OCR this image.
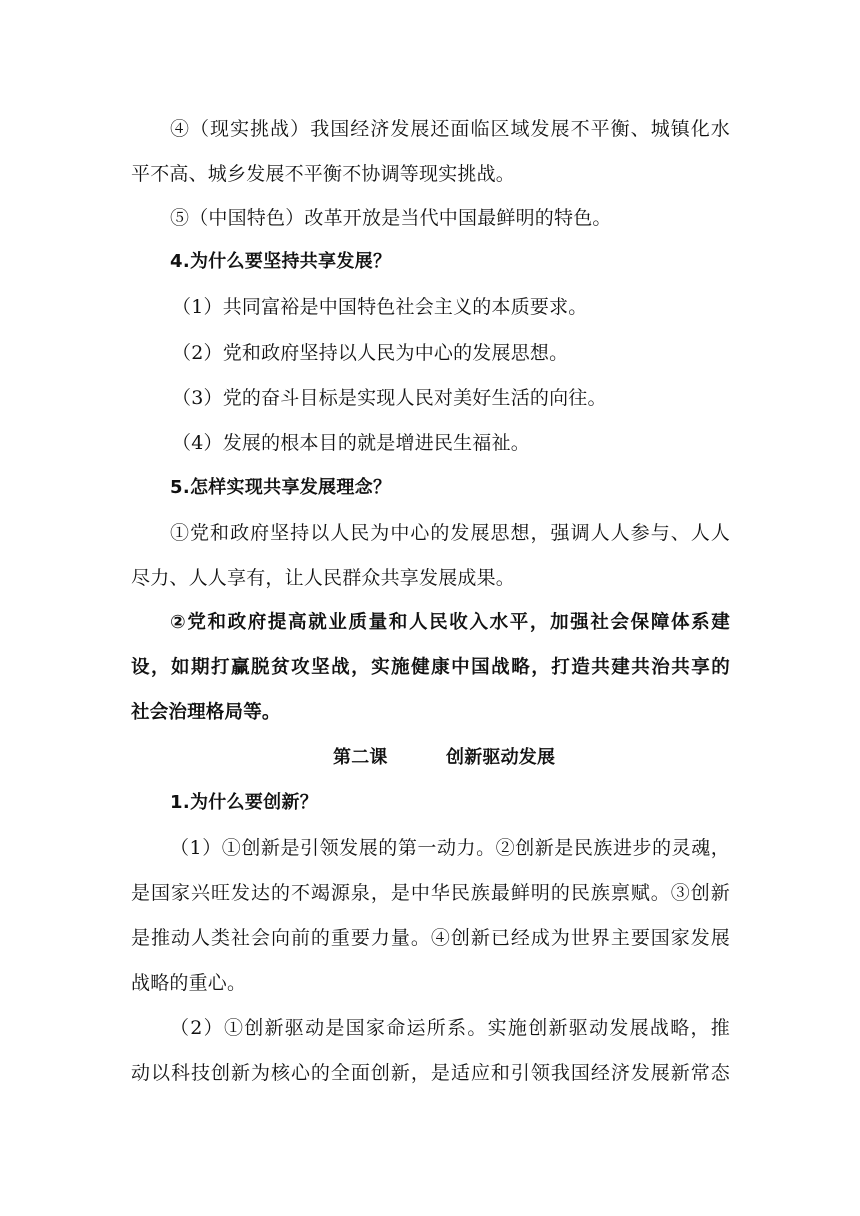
④（现实挑战）我国经济发展还面临区域发展不平衡、城镇化水
平不高、城乡发展不平衡不协调等现实挑战。
⑤（中国特色）改革开放是当代中国最鲜明的特色。
4.为什么要坚持共享发展？
（1）共同富裕是中国特色社会主义的本质要求。
（2）党和政府坚持以人民为中心的发展思想。
（3）党的奋斗目标是实现人民对美好生活的向往。
（4）发展的根本目的就是增进民生福祉。
5.怎样实现共享发展理念？
①党和政府坚持以人民为中心的发展思想，强调人人参与、人人
尽力、人人享有，让人民群众共享发展成果。
②党和政府提高就业质量和人民收入水平，加强社会保障体系建
设，如期打赢脱贫攻坚战，实施健康中国战略，打造共建共治共享的
社会治理格局等。
第二课	创新驱动发展
1.为什么要创新？
（1）①创新是引领发展的第一动力。②创新是民族进步的灵魂，
是国家兴旺发达的不竭源泉，是中华民族最鲜明的民族禀赋。③创新
是推动人类社会向前的重要力量。④创新已经成为世界主要国家发展
战略的重心。
（2）①创新驱动是国家命运所系。实施创新驱动发展战略，推
动以科技创新为核心的全面创新，是适应和引领我国经济发展新常态
